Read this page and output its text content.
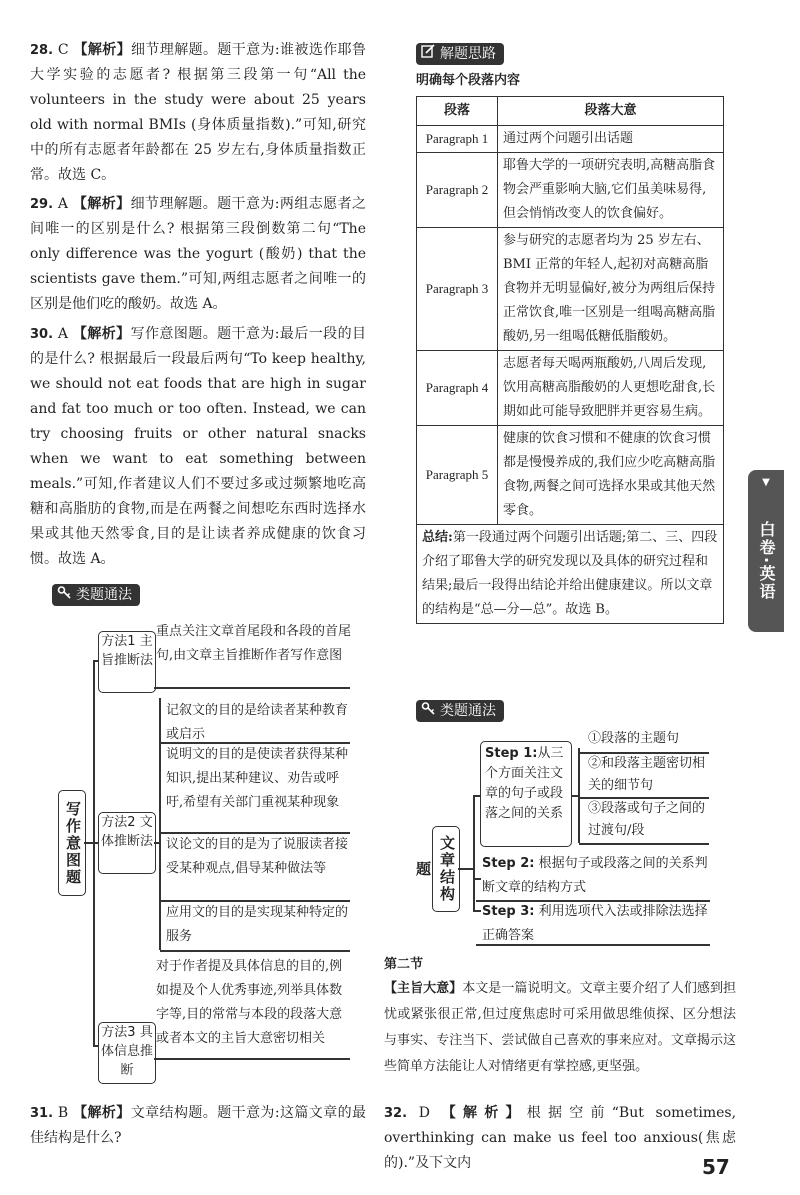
28. C 【解析】细节理解题。题干意为:谁被选作耶鲁大学实验的志愿者? 根据第三段第一句“All the volunteers in the study were about 25 years old with normal BMIs (身体质量指数).”可知,研究中的所有志愿者年龄都在 25 岁左右,身体质量指数正常。故选 C。
29. A 【解析】细节理解题。题干意为:两组志愿者之间唯一的区别是什么? 根据第三段倒数第二句“The only difference was the yogurt (酸奶) that the scientists gave them.”可知,两组志愿者之间唯一的区别是他们吃的酸奶。故选 A。
30. A 【解析】写作意图题。题干意为:最后一段的目的是什么? 根据最后一段最后两句“To keep healthy, we should not eat foods that are high in sugar and fat too much or too often. Instead, we can try choosing fruits or other natural snacks when we want to eat something between meals.”可知,作者建议人们不要过多或过频繁地吃高糖和高脂肪的食物,而是在两餐之间想吃东西时选择水果或其他天然零食,目的是让读者养成健康的饮食习惯。故选 A。
类题通法
写作意图题
方法1 主旨推断法
重点关注文章首尾段和各段的首尾句,由文章主旨推断作者写作意图
方法2 文体推断法
记叙文的目的是给读者某种教育或启示
说明文的目的是使读者获得某种知识,提出某种建议、劝告或呼吁,希望有关部门重视某种现象
议论文的目的是为了说服读者接受某种观点,倡导某种做法等
应用文的目的是实现某种特定的服务
方法3 具体信息推断
对于作者提及具体信息的目的,例如提及个人优秀事迹,列举具体数字等,目的常常与本段的段落大意或者本文的主旨大意密切相关
31. B 【解析】文章结构题。题干意为:这篇文章的最佳结构是什么?
解题思路
明确每个段落内容
段落	段落大意
Paragraph 1	通过两个问题引出话题
Paragraph 2	耶鲁大学的一项研究表明,高糖高脂食物会严重影响大脑,它们虽美味易得,但会悄悄改变人的饮食偏好。
Paragraph 3	参与研究的志愿者均为 25 岁左右、BMI 正常的年轻人,起初对高糖高脂食物并无明显偏好,被分为两组后保持正常饮食,唯一区别是一组喝高糖高脂酸奶,另一组喝低糖低脂酸奶。
Paragraph 4	志愿者每天喝两瓶酸奶,八周后发现,饮用高糖高脂酸奶的人更想吃甜食,长期如此可能导致肥胖并更容易生病。
Paragraph 5	健康的饮食习惯和不健康的饮食习惯都是慢慢养成的,我们应少吃高糖高脂食物,两餐之间可选择水果或其他天然零食。
总结:第一段通过两个问题引出话题;第二、三、四段介绍了耶鲁大学的研究发现以及具体的研究过程和结果;最后一段得出结论并给出健康建议。所以文章的结构是“总—分—总”。故选 B。	
类题通法
文章结构题
Step 1:从三个方面关注文章的句子或段落之间的关系
①段落的主题句
②和段落主题密切相关的细节句
③段落或句子之间的过渡句/段
Step 2: 根据句子或段落之间的关系判断文章的结构方式
Step 3: 利用选项代入法或排除法选择正确答案
第二节
【主旨大意】本文是一篇说明文。文章主要介绍了人们感到担忧或紧张很正常,但过度焦虑时可采用做思维侦探、区分想法与事实、专注当下、尝试做自己喜欢的事来应对。文章揭示这些简单方法能让人对情绪更有掌控感,更坚强。
32. D 【解析】根据空前“But sometimes, overthinking can make us feel too anxious(焦虑的).”及下文内
▼
白卷·英语
57
